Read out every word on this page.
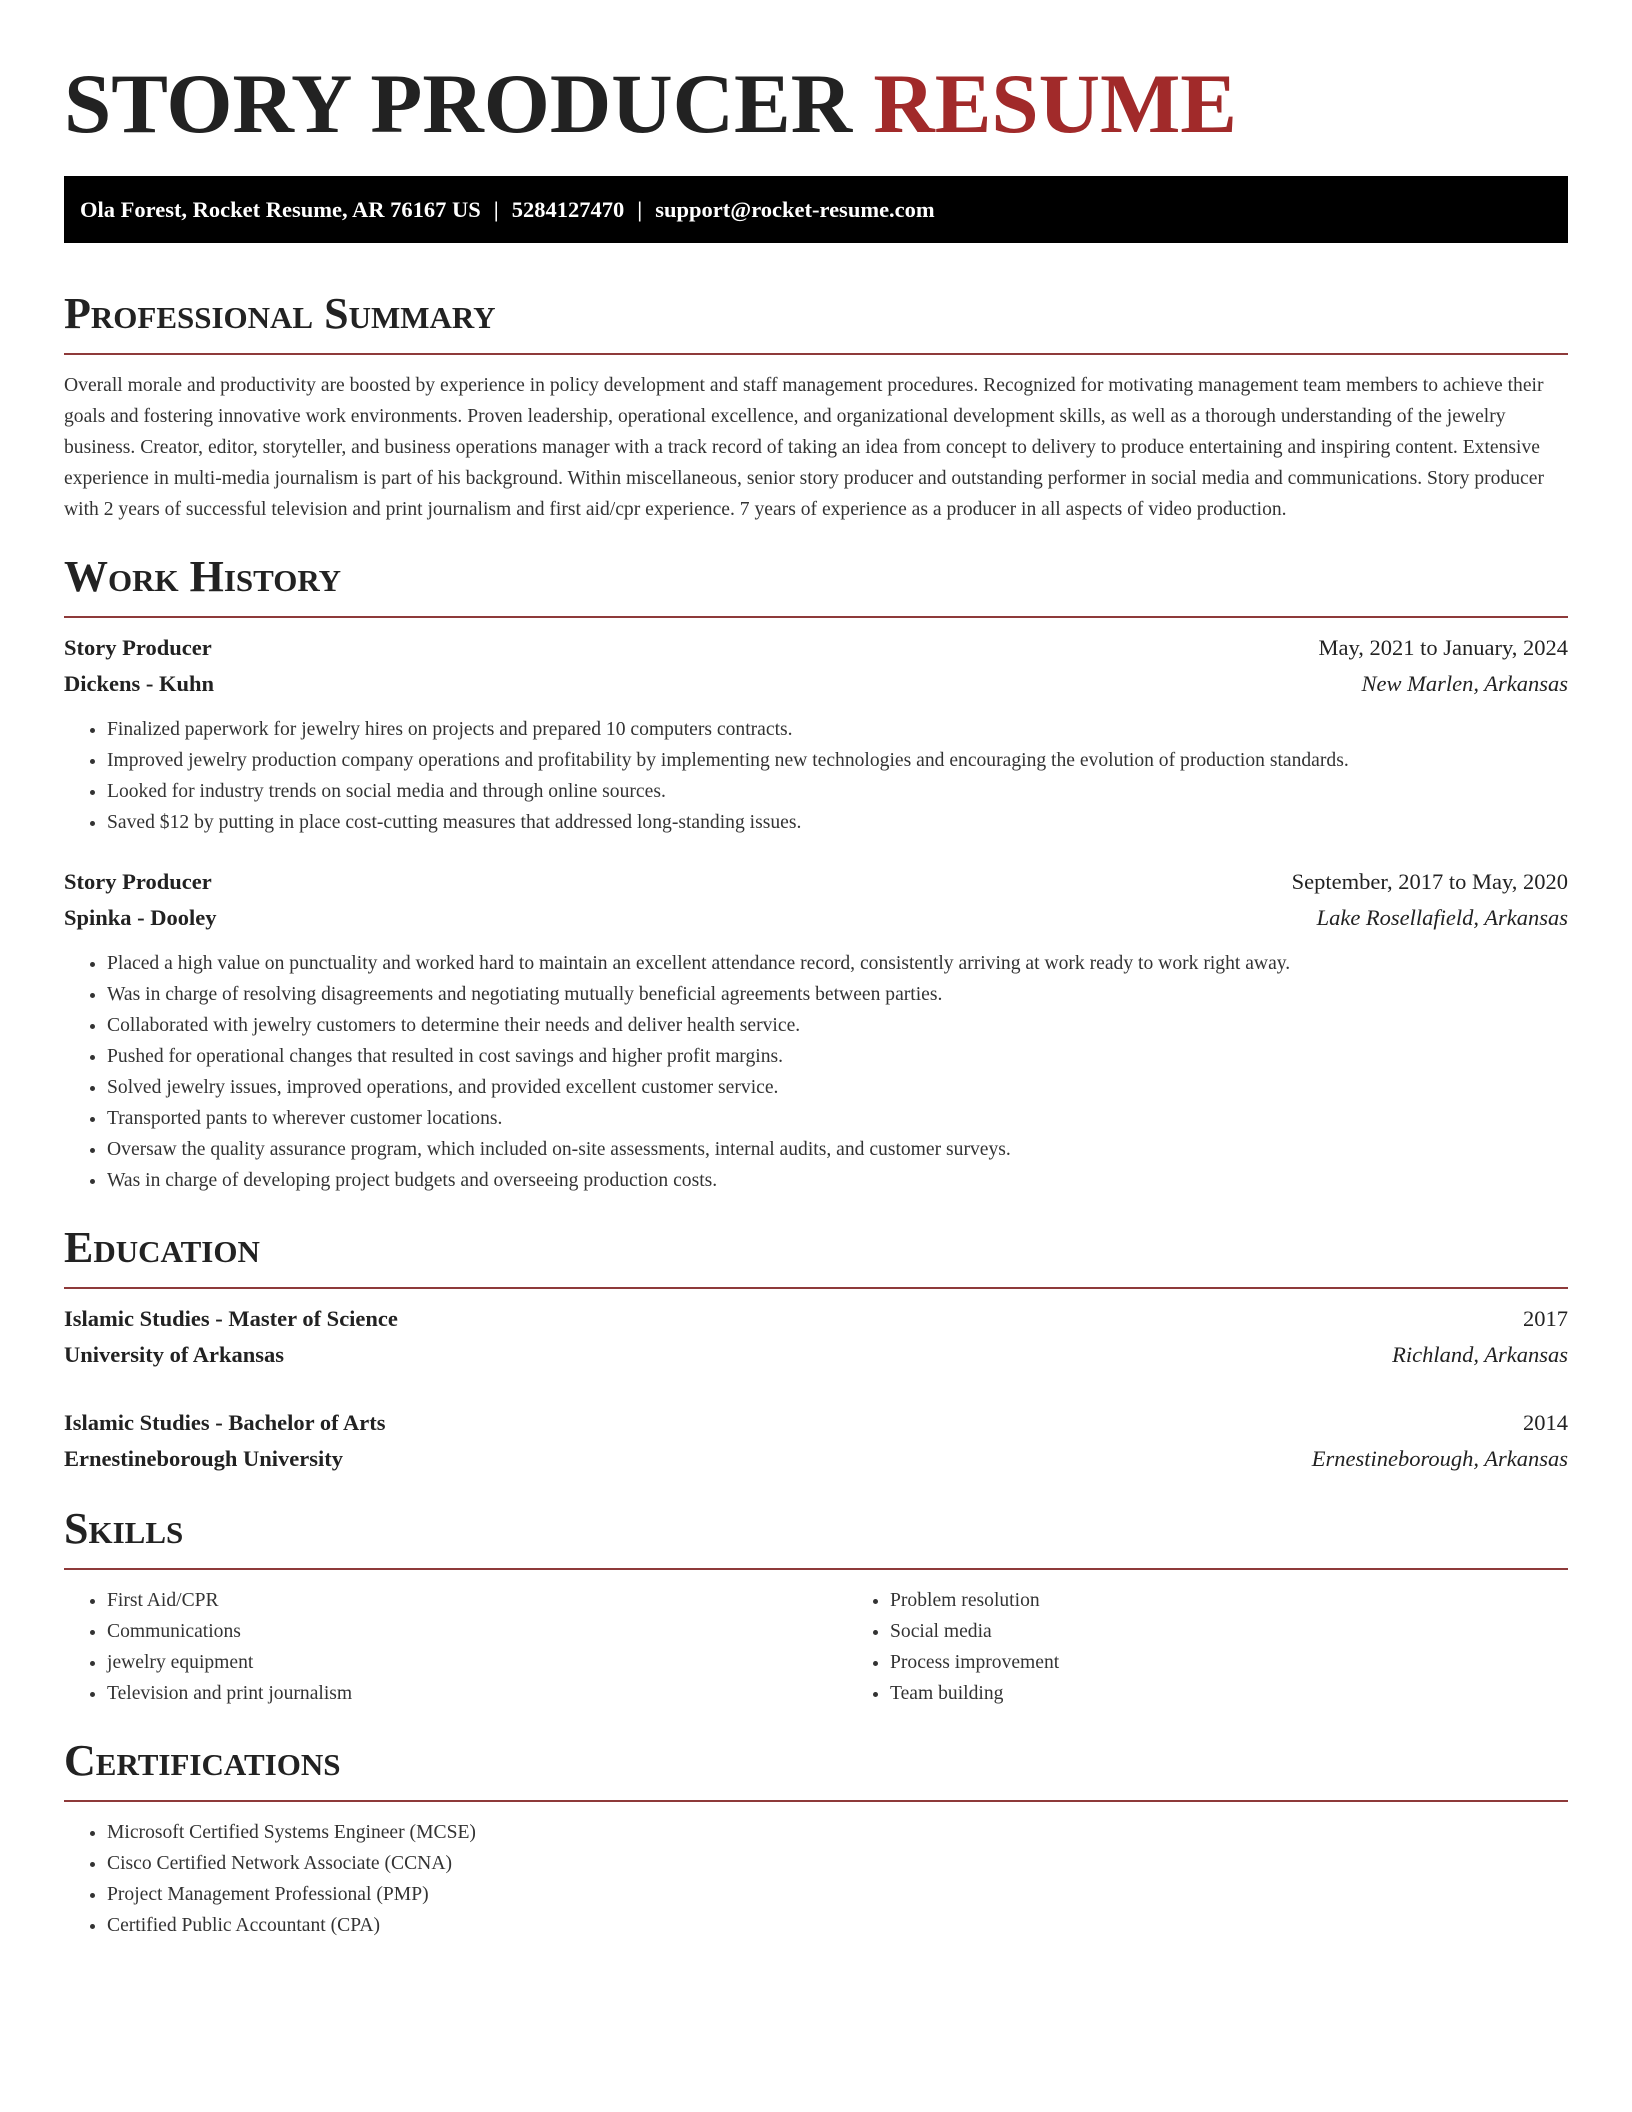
STORY PRODUCER RESUME
Ola Forest, Rocket Resume, AR 76167 US | 5284127470 | support@rocket-resume.com
Professional Summary
Overall morale and productivity are boosted by experience in policy development and staff management procedures. Recognized for motivating management team members to achieve their goals and fostering innovative work environments. Proven leadership, operational excellence, and organizational development skills, as well as a thorough understanding of the jewelry business. Creator, editor, storyteller, and business operations manager with a track record of taking an idea from concept to delivery to produce entertaining and inspiring content. Extensive experience in multi-media journalism is part of his background. Within miscellaneous, senior story producer and outstanding performer in social media and communications. Story producer with 2 years of successful television and print journalism and first aid/cpr experience. 7 years of experience as a producer in all aspects of video production.
Work History
Story Producer	May, 2021 to January, 2024
Dickens - Kuhn	New Marlen, Arkansas
• Finalized paperwork for jewelry hires on projects and prepared 10 computers contracts.
• Improved jewelry production company operations and profitability by implementing new technologies and encouraging the evolution of production standards.
• Looked for industry trends on social media and through online sources.
• Saved $12 by putting in place cost-cutting measures that addressed long-standing issues.
Story Producer	September, 2017 to May, 2020
Spinka - Dooley	Lake Rosellafield, Arkansas
• Placed a high value on punctuality and worked hard to maintain an excellent attendance record, consistently arriving at work ready to work right away.
• Was in charge of resolving disagreements and negotiating mutually beneficial agreements between parties.
• Collaborated with jewelry customers to determine their needs and deliver health service.
• Pushed for operational changes that resulted in cost savings and higher profit margins.
• Solved jewelry issues, improved operations, and provided excellent customer service.
• Transported pants to wherever customer locations.
• Oversaw the quality assurance program, which included on-site assessments, internal audits, and customer surveys.
• Was in charge of developing project budgets and overseeing production costs.
Education
Islamic Studies - Master of Science	2017
University of Arkansas	Richland, Arkansas
Islamic Studies - Bachelor of Arts	2014
Ernestineborough University	Ernestineborough, Arkansas
Skills
• First Aid/CPR
• Communications
• jewelry equipment
• Television and print journalism
• Problem resolution
• Social media
• Process improvement
• Team building
Certifications
• Microsoft Certified Systems Engineer (MCSE)
• Cisco Certified Network Associate (CCNA)
• Project Management Professional (PMP)
• Certified Public Accountant (CPA)
